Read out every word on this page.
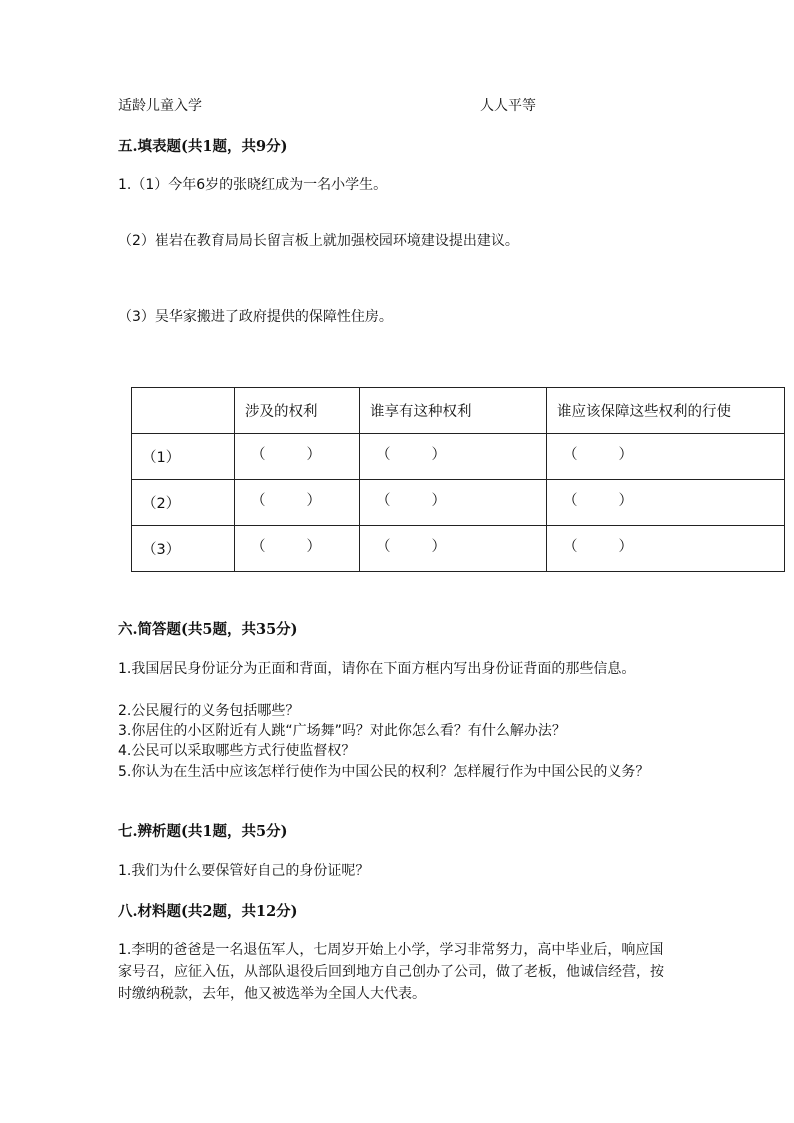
适龄儿童入学	人人平等
五.填表题(共1题，共9分)
1.（1）今年6岁的张晓红成为一名小学生。
（2）崔岩在教育局局长留言板上就加强校园环境建设提出建议。
（3）吴华家搬进了政府提供的保障性住房。
	涉及的权利	谁享有这种权利	谁应该保障这些权利的行使
（1）	（ ）	（ ）	（ ）

（2）	（ ）	（ ）	（ ）

（3）	（ ）	（ ）	（ ）
六.简答题(共5题，共35分)
1.我国居民身份证分为正面和背面，请你在下面方框内写出身份证背面的那些信息。
2.公民履行的义务包括哪些？
3.你居住的小区附近有人跳“广场舞”吗？对此你怎么看？有什么解办法？
4.公民可以采取哪些方式行使监督权？
5.你认为在生活中应该怎样行使作为中国公民的权利？怎样履行作为中国公民的义务？
七.辨析题(共1题，共5分)
1.我们为什么要保管好自己的身份证呢？
八.材料题(共2题，共12分)
1.李明的爸爸是一名退伍军人，七周岁开始上小学，学习非常努力，高中毕业后，响应国家号召，应征入伍，从部队退役后回到地方自己创办了公司，做了老板，他诚信经营，按时缴纳税款，去年，他又被选举为全国人大代表。
